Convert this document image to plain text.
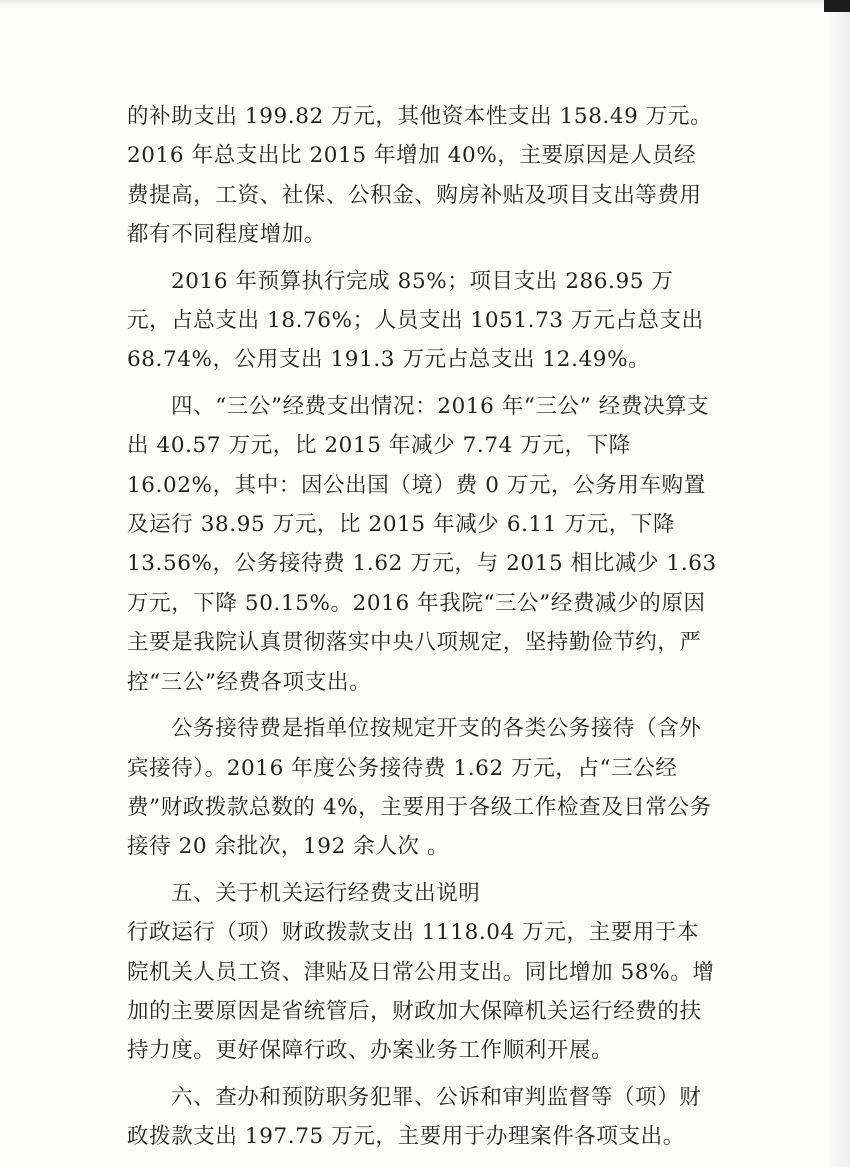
的补助支出 199.82 万元，其他资本性支出 158.49 万元。2016 年总支出比 2015 年增加 40%，主要原因是人员经费提高，工资、社保、公积金、购房补贴及项目支出等费用都有不同程度增加。

2016 年预算执行完成 85%；项目支出 286.95 万元，占总支出 18.76%；人员支出 1051.73 万元占总支出 68.74%，公用支出 191.3 万元占总支出 12.49%。

四、“三公”经费支出情况：2016 年“三公” 经费决算支出 40.57 万元，比 2015 年减少 7.74 万元，下降 16.02%，其中：因公出国（境）费 0 万元，公务用车购置及运行 38.95 万元，比 2015 年减少 6.11 万元，下降 13.56%，公务接待费 1.62 万元，与 2015 相比减少 1.63 万元，下降 50.15%。2016 年我院“三公”经费减少的原因主要是我院认真贯彻落实中央八项规定，坚持勤俭节约，严控“三公”经费各项支出。

公务接待费是指单位按规定开支的各类公务接待（含外宾接待）。2016 年度公务接待费 1.62 万元，占“三公经费”财政拨款总数的 4%，主要用于各级工作检查及日常公务接待 20 余批次，192 余人次 。

五、关于机关运行经费支出说明

行政运行（项）财政拨款支出 1118.04 万元，主要用于本院机关人员工资、津贴及日常公用支出。同比增加 58%。增加的主要原因是省统管后，财政加大保障机关运行经费的扶持力度。更好保障行政、办案业务工作顺利开展。

六、查办和预防职务犯罪、公诉和审判监督等（项）财政拨款支出 197.75 万元，主要用于办理案件各项支出。
